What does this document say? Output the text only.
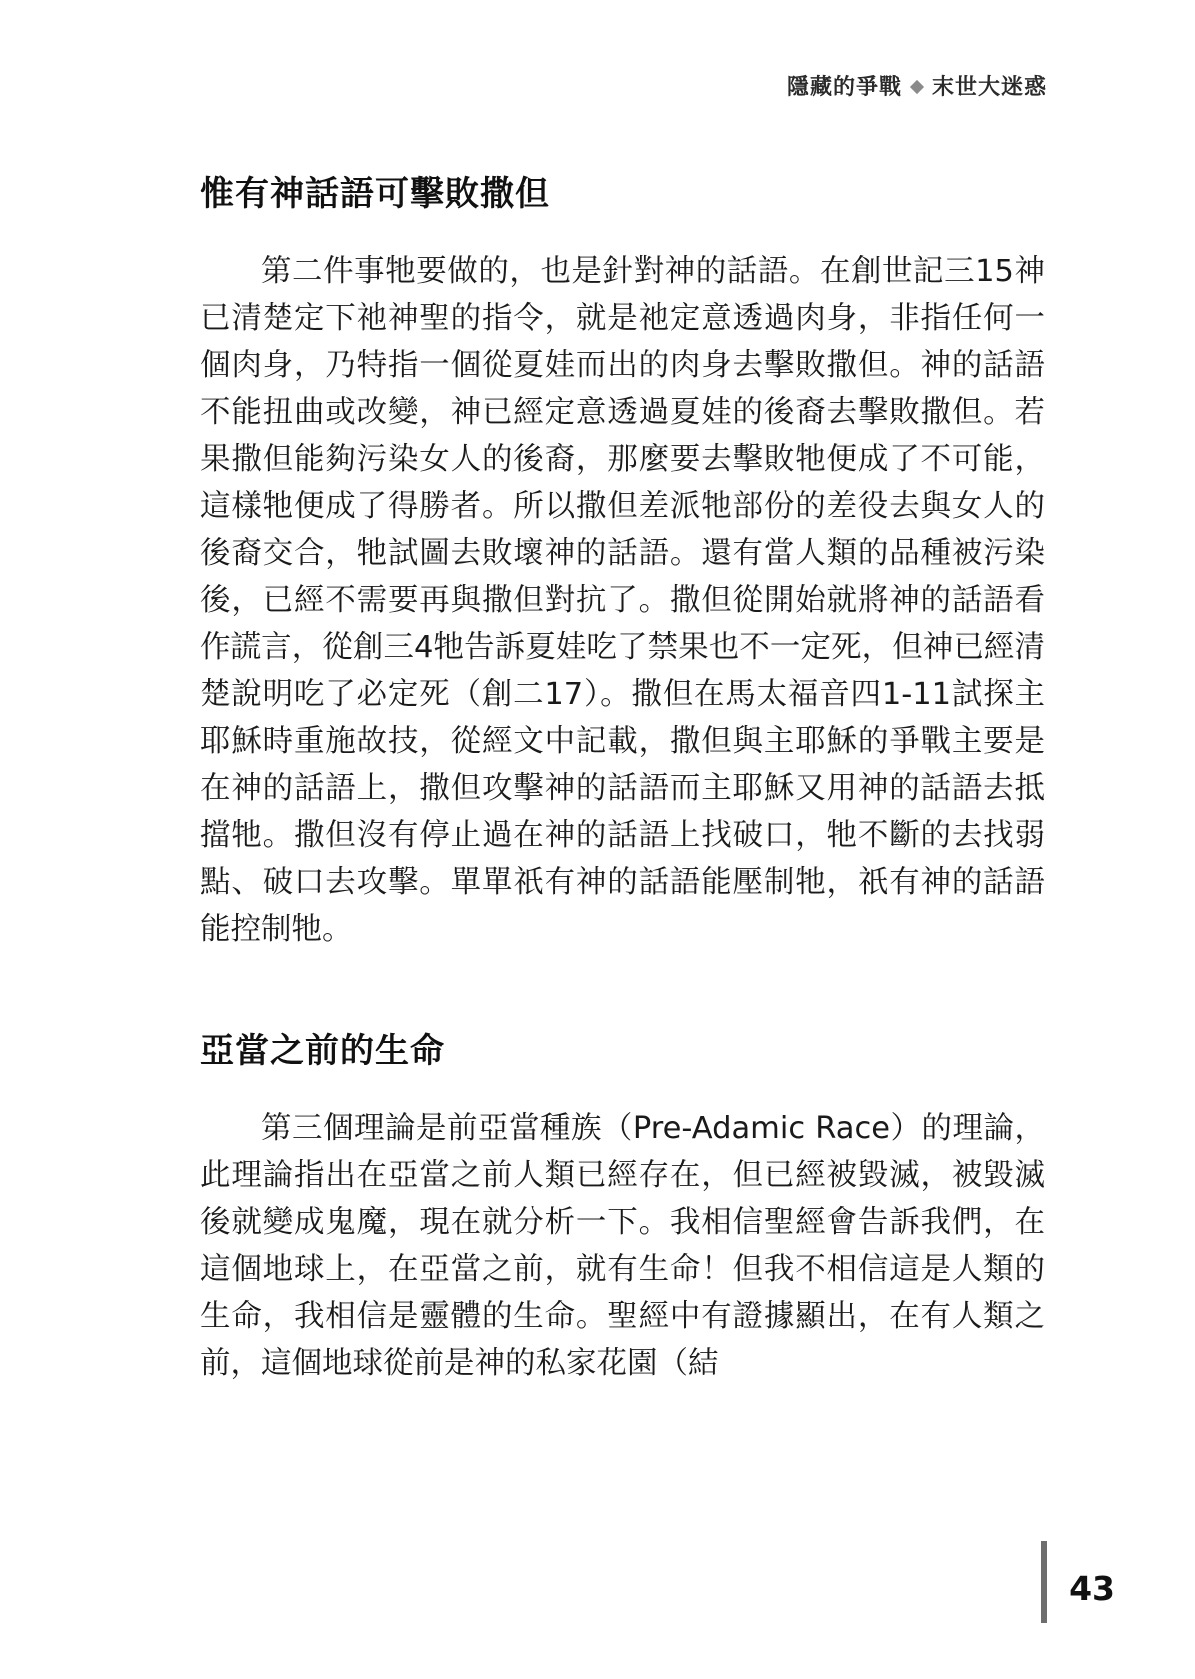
隱藏的爭戰 末世大迷惑
惟有神話語可擊敗撒但

第二件事牠要做的，也是針對神的話語。在創世記三15神已清楚定下祂神聖的指令，就是祂定意透過肉身，非指任何一個肉身，乃特指一個從夏娃而出的肉身去擊敗撒但。神的話語不能扭曲或改變，神已經定意透過夏娃的後裔去擊敗撒但。若果撒但能夠污染女人的後裔，那麼要去擊敗牠便成了不可能，這樣牠便成了得勝者。所以撒但差派牠部份的差役去與女人的後裔交合，牠試圖去敗壞神的話語。還有當人類的品種被污染後，已經不需要再與撒但對抗了。撒但從開始就將神的話語看作謊言，從創三4牠告訴夏娃吃了禁果也不一定死，但神已經清楚說明吃了必定死（創二17）。撒但在馬太福音四1-11試探主耶穌時重施故技，從經文中記載，撒但與主耶穌的爭戰主要是在神的話語上，撒但攻擊神的話語而主耶穌又用神的話語去抵擋牠。撒但沒有停止過在神的話語上找破口，牠不斷的去找弱點、破口去攻擊。單單祇有神的話語能壓制牠，祇有神的話語能控制牠。

亞當之前的生命

第三個理論是前亞當種族（Pre-Adamic Race）的理論，此理論指出在亞當之前人類已經存在，但已經被毀滅，被毀滅後就變成鬼魔，現在就分析一下。我相信聖經會告訴我們，在這個地球上，在亞當之前，就有生命！但我不相信這是人類的生命，我相信是靈體的生命。聖經中有證據顯出，在有人類之前，這個地球從前是神的私家花園（結

43
